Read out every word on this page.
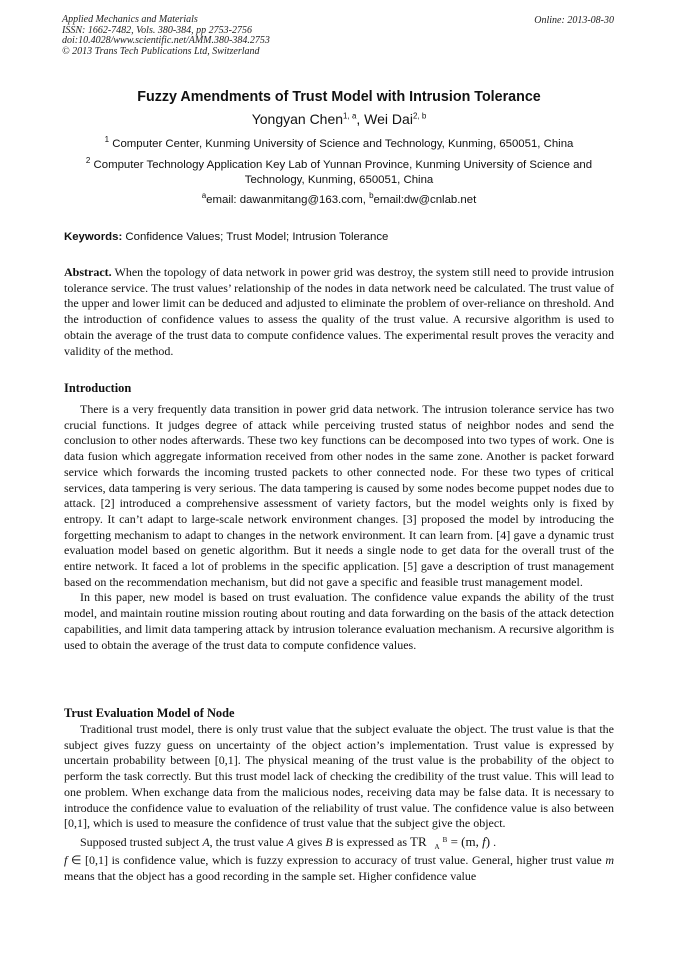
Applied Mechanics and Materials
ISSN: 1662-7482, Vols. 380-384, pp 2753-2756
doi:10.4028/www.scientific.net/AMM.380-384.2753
© 2013 Trans Tech Publications Ltd, Switzerland
Online: 2013-08-30
Fuzzy Amendments of Trust Model with Intrusion Tolerance
Yongyan Chen$^{1, a}$, Wei Dai$^{2, b}$
$^1$ Computer Center, Kunming University of Science and Technology, Kunming, 650051, China
$^2$ Computer Technology Application Key Lab of Yunnan Province, Kunming University of Science and Technology, Kunming, 650051, China
$^a$email: dawanmitang@163.com, $^b$email:dw@cnlab.net
Keywords: Confidence Values; Trust Model; Intrusion Tolerance

Abstract. When the topology of data network in power grid was destroy, the system still need to provide intrusion tolerance service. The trust values’ relationship of the nodes in data network need be calculated. The trust value of the upper and lower limit can be deduced and adjusted to eliminate the problem of over-reliance on threshold. And the introduction of confidence values to assess the quality of the trust value. A recursive algorithm is used to obtain the average of the trust data to compute confidence values. The experimental result proves the veracity and validity of the method.

Introduction

There is a very frequently data transition in power grid data network. The intrusion tolerance service has two crucial functions. It judges degree of attack while perceiving trusted status of neighbor nodes and send the conclusion to other nodes afterwards. These two key functions can be decomposed into two types of work. One is data fusion which aggregate information received from other nodes in the same zone. Another is packet forward service which forwards the incoming trusted packets to other connected node. For these two types of critical services, data tampering is very serious. The data tampering is caused by some nodes become puppet nodes due to attack. [2] introduced a comprehensive assessment of variety factors, but the model weights only is fixed by entropy. It can’t adapt to large-scale network environment changes. [3] proposed the model by introducing the forgetting mechanism to adapt to changes in the network environment. It can learn from. [4] gave a dynamic trust evaluation model based on genetic algorithm. But it needs a single node to get data for the overall trust of the entire network. It faced a lot of problems in the specific application. [5] gave a description of trust management based on the recommendation mechanism, but did not gave a specific and feasible trust management model.

In this paper, new model is based on trust evaluation. The confidence value expands the ability of the trust model, and maintain routine mission routing about routing and data forwarding on the basis of the attack detection capabilities, and limit data tampering attack by intrusion tolerance evaluation mechanism. A recursive algorithm is used to obtain the average of the trust data to compute confidence values.

Trust Evaluation Model of Node

Traditional trust model, there is only trust value that the subject evaluate the object. The trust value is that the subject gives fuzzy guess on uncertainty of the object action’s implementation. Trust value is expressed by uncertain probability between [0,1]. The physical meaning of the trust value is the probability of the object to perform the task correctly. But this trust model lack of checking the credibility of the trust value. This will lead to one problem. When exchange data from the malicious nodes, receiving data may be false data. It is necessary to introduce the confidence value to evaluation of the reliability of trust value. The confidence value is also between [0,1], which is used to measure the confidence of trust value that the subject give the object.

Supposed trusted subject A, the trust value A gives B is expressed as TR B
A = (m, f) .

f ∈ [0,1] is confidence value, which is fuzzy expression to accuracy of trust value. General, higher trust value m means that the object has a good recording in the sample set. Higher confidence value
